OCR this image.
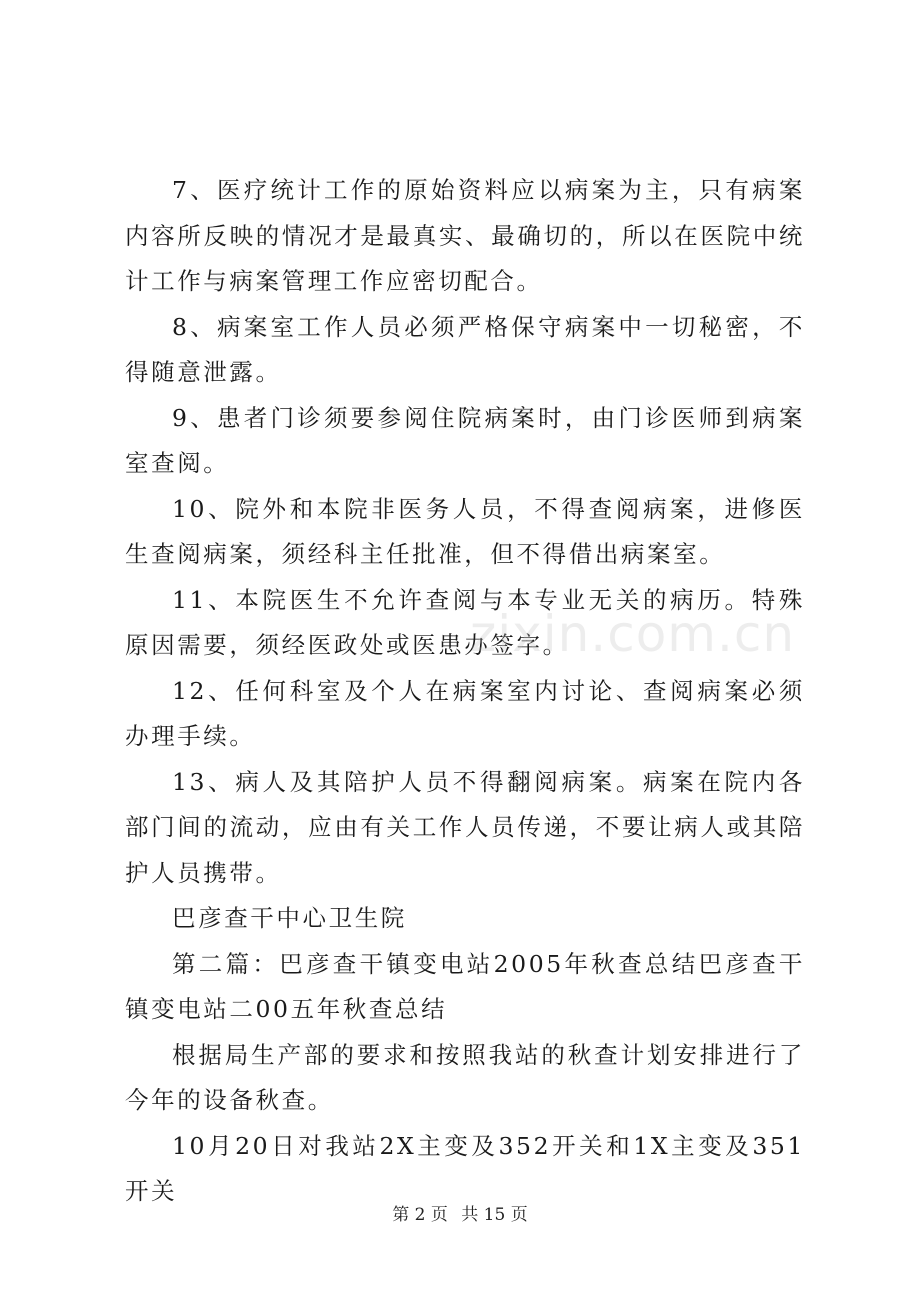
7、医疗统计工作的原始资料应以病案为主，只有病案内容所反映的情况才是最真实、最确切的，所以在医院中统计工作与病案管理工作应密切配合。

8、病案室工作人员必须严格保守病案中一切秘密，不得随意泄露。

9、患者门诊须要参阅住院病案时，由门诊医师到病案室查阅。

10、院外和本院非医务人员，不得查阅病案，进修医生查阅病案，须经科主任批准，但不得借出病案室。

11、本院医生不允许查阅与本专业无关的病历。特殊原因需要，须经医政处或医患办签字。

12、任何科室及个人在病案室内讨论、查阅病案必须办理手续。

13、病人及其陪护人员不得翻阅病案。病案在院内各部门间的流动，应由有关工作人员传递，不要让病人或其陪护人员携带。

巴彦查干中心卫生院

第二篇：巴彦查干镇变电站2005年秋查总结巴彦查干镇变电站二00五年秋查总结

根据局生产部的要求和按照我站的秋查计划安排进行了今年的设备秋查。

10月20日对我站2X主变及352开关和1X主变及351开关

zixin.com.cn
第 2 页 共 15 页
